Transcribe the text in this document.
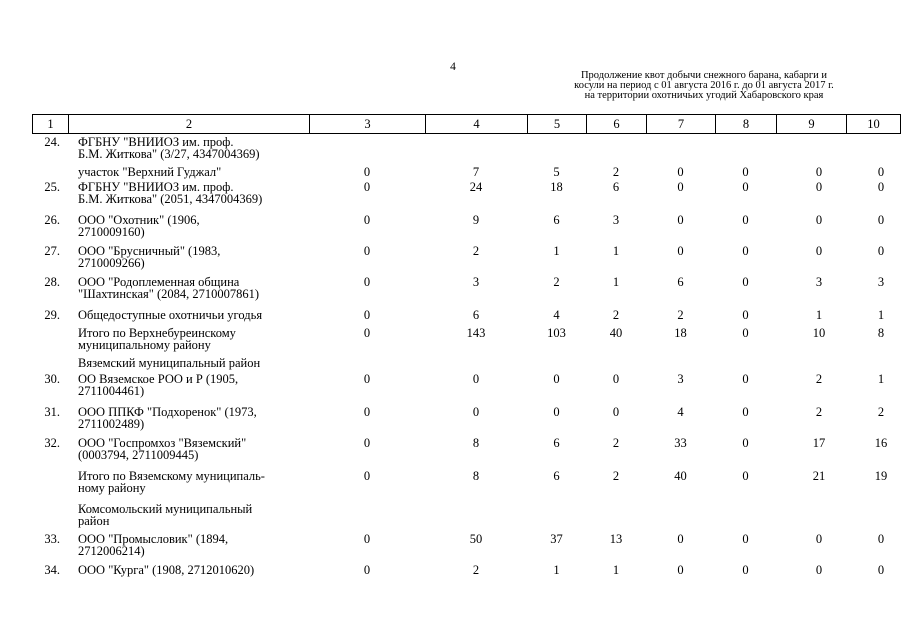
4
Продолжение квот добычи снежного барана, кабарги и
косули на период с 01 августа 2016 г. до 01 августа 2017 г.
на территории охотничьих угодий Хабаровского края
1	2	3	4	5	6	7	8	9	10
24.	ФГБНУ "ВНИИОЗ им. проф.
Б.М. Житкова" (3/27, 4347004369)								

	участок "Верхний Гуджал"	0	7	5	2	0	0	0	0
25.	ФГБНУ "ВНИИОЗ им. проф.
Б.М. Житкова" (2051, 4347004369)	0	24	18	6	0	0	0	0
26.	ООО "Охотник" (1906,
2710009160)	0	9	6	3	0	0	0	0
27.	ООО "Брусничный" (1983,
2710009266)	0	2	1	1	0	0	0	0
28.	ООО "Родоплеменная община
"Шахтинская" (2084, 2710007861)	0	3	2	1	6	0	3	3
29.	Общедоступные охотничьи угодья	0	6	4	2	2	0	1	1

	Итого по Верхнебуреинскому
муниципальному району	0	143	103	40	18	0	10	8

	Вяземский муниципальный район								

30.	ОО Вяземское РОО и Р (1905,
2711004461)	0	0	0	0	3	0	2	1
31.	ООО ППКФ "Подхоренок" (1973,
2711002489)	0	0	0	0	4	0	2	2
32.	ООО "Госпромхоз "Вяземский"
(0003794, 2711009445)	0	8	6	2	33	0	17	16

	Итого по Вяземскому муниципаль-
ному району	0	8	6	2	40	0	21	19

	Комсомольский муниципальный
район								

33.	ООО "Промысловик" (1894,
2712006214)	0	50	37	13	0	0	0	0
34.	ООО "Курга" (1908, 2712010620)	0	2	1	1	0	0	0	0
